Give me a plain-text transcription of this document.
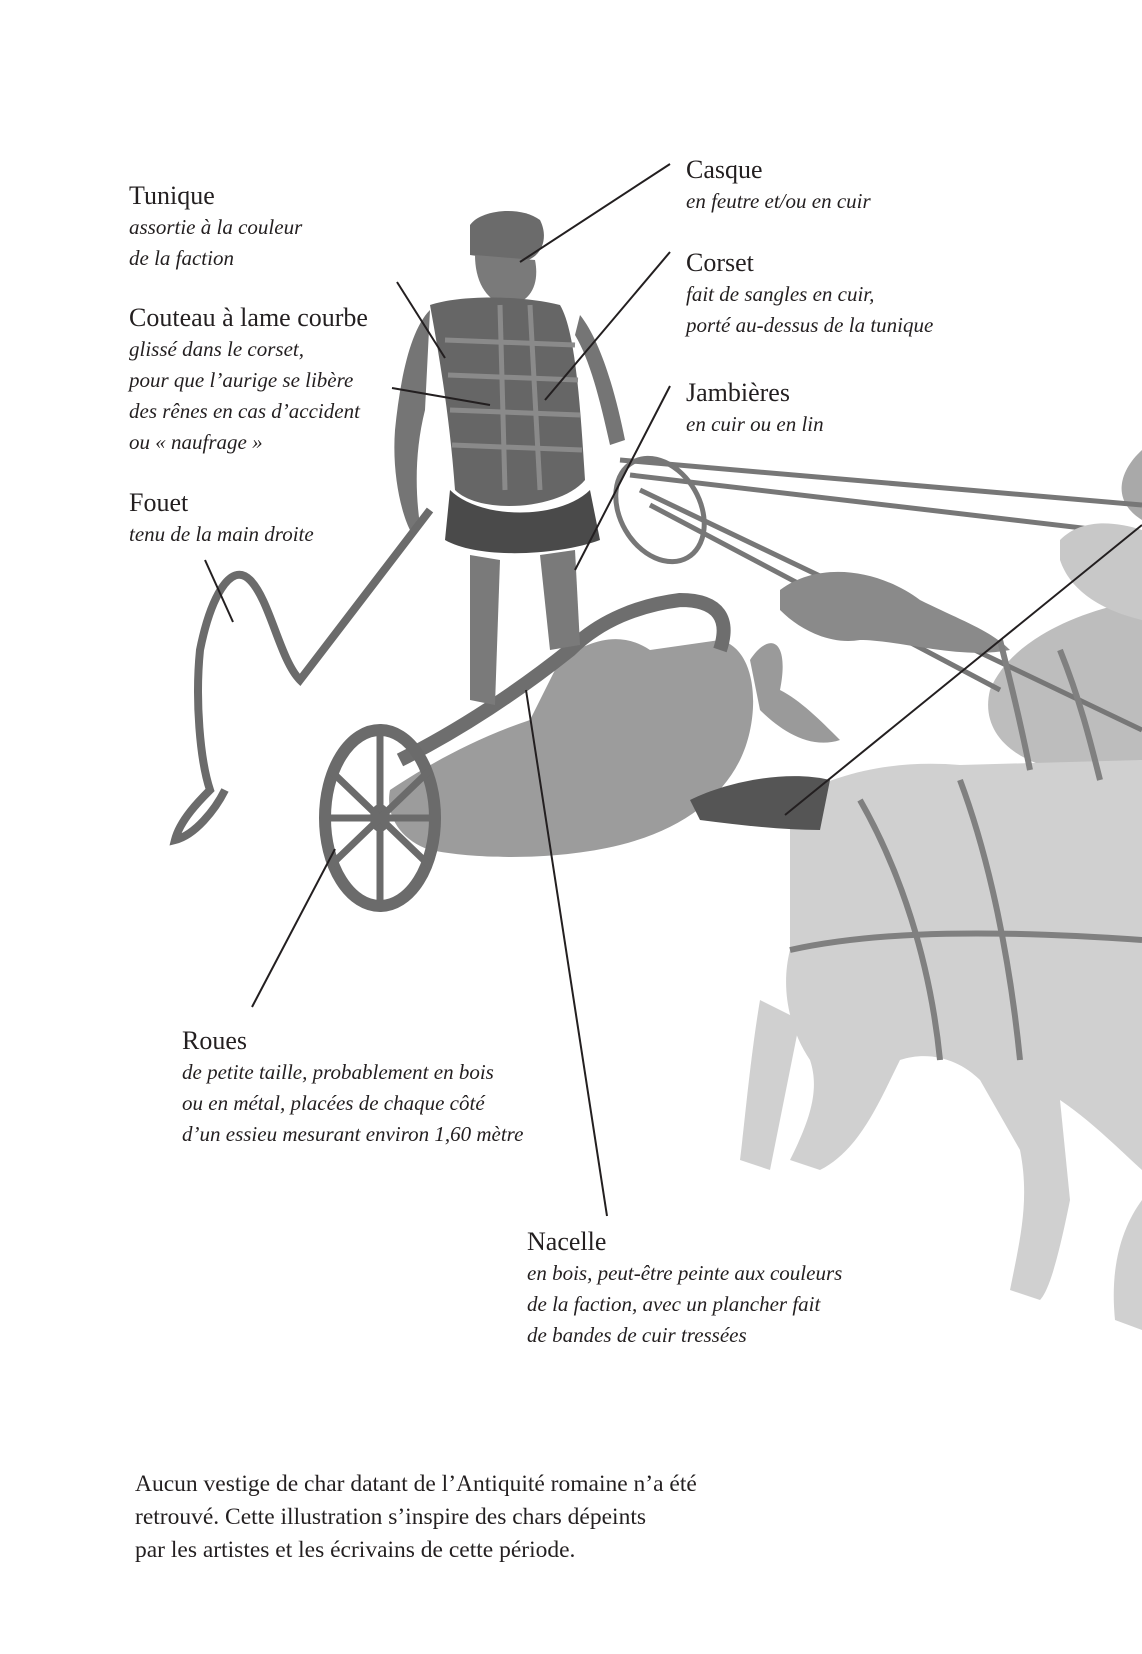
Tunique
assortie à la couleur
de la faction
Couteau à lame courbe
glissé dans le corset,
pour que l’aurige se libère
des rênes en cas d’accident
ou « naufrage »
Fouet
tenu de la main droite
Casque
en feutre et/ou en cuir
Corset
fait de sangles en cuir,
porté au-dessus de la tunique
Jambières
en cuir ou en lin
Roues
de petite taille, probablement en bois
ou en métal, placées de chaque côté
d’un essieu mesurant environ 1,60 mètre
Nacelle
en bois, peut-être peinte aux couleurs
de la faction, avec un plancher fait
de bandes de cuir tressées
Aucun vestige de char datant de l’Antiquité romaine n’a été
retrouvé. Cette illustration s’inspire des chars dépeints
par les artistes et les écrivains de cette période.
